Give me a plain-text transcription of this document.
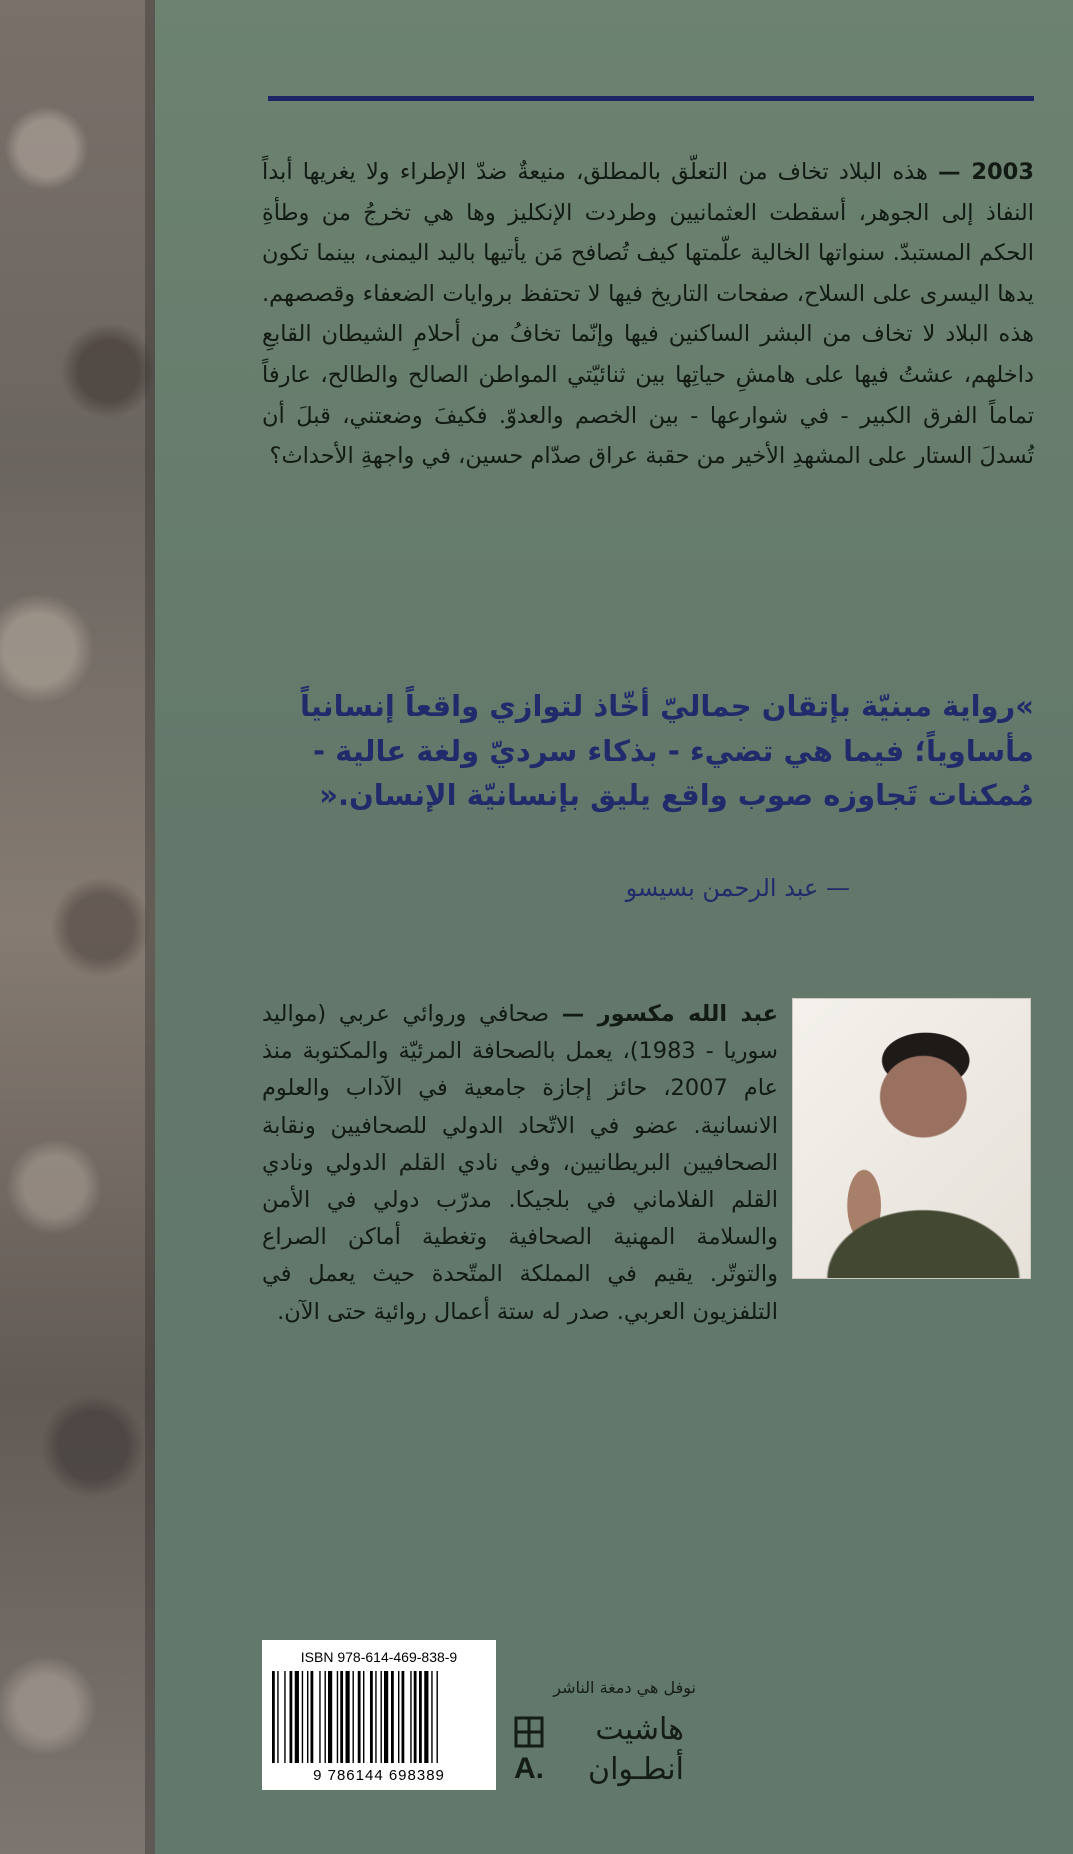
2003 — هذه البلاد تخاف من التعلّق بالمطلق، منيعةٌ ضدّ الإطراء ولا يغريها أبداً النفاذ إلى الجوهر، أسقطت العثمانيين وطردت الإنكليز وها هي تخرجُ من وطأةِ الحكم المستبدّ. سنواتها الخالية علّمتها كيف تُصافح مَن يأتيها باليد اليمنى، بينما تكون يدها اليسرى على السلاح، صفحات التاريخ فيها لا تحتفظ بروايات الضعفاء وقصصهم. هذه البلاد لا تخاف من البشر الساكنين فيها وإنّما تخافُ من أحلامِ الشيطان القابعِ داخلهم، عشتُ فيها على هامشِ حياتِها بين ثنائيّتي المواطن الصالح والطالح، عارفاً تماماً الفرق الكبير - في شوارعها - بين الخصم والعدوّ. فكيفَ وضعتني، قبلَ أن تُسدلَ الستار على المشهدِ الأخير من حقبة عراق صدّام حسين، في واجهةِ الأحداث؟
»رواية مبنيّة بإتقان جماليّ أخّاذ لتوازي واقعاً إنسانياً مأساوياً؛ فيما هي تضيء - بذكاء سرديّ ولغة عالية - مُمكنات تَجاوزه صوب واقع يليق بإنسانيّة الإنسان.«
— عبد الرحمن بسيسو
عبد الله مكسور — صحافي وروائي عربي (مواليد سوريا - 1983)، يعمل بالصحافة المرئيّة والمكتوبة منذ عام 2007، حائز إجازة جامعية في الآداب والعلوم الانسانية. عضو في الاتّحاد الدولي للصحافيين ونقابة الصحافيين البريطانيين، وفي نادي القلم الدولي ونادي القلم الفلاماني في بلجيكا. مدرّب دولي في الأمن والسلامة المهنية الصحافية وتغطية أماكن الصراع والتوتّر. يقيم في المملكة المتّحدة حيث يعمل في التلفزيون العربي. صدر له ستة أعمال روائية حتى الآن.
ISBN 978-614-469-838-9
9 786144 698389
نوفل هي دمغة الناشر
هاشيت
A. أنطـوان
